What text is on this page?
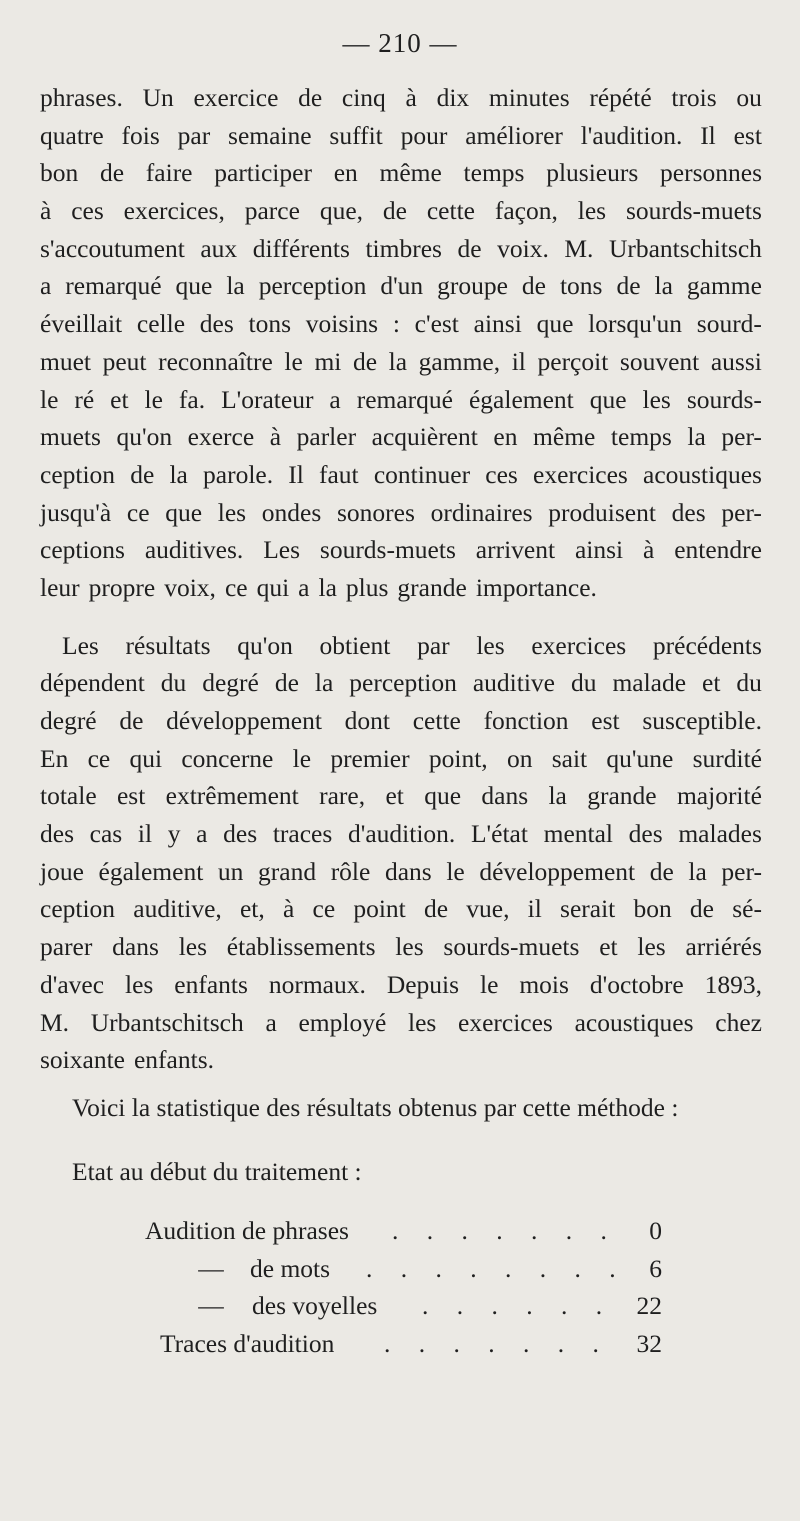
— 210 —
phrases. Un exercice de cinq à dix minutes répété trois ou
quatre fois par semaine suffit pour améliorer l'audition. Il est
bon de faire participer en même temps plusieurs personnes
à ces exercices, parce que, de cette façon, les sourds-muets
s'accoutument aux différents timbres de voix. M. Urbantschitsch
a remarqué que la perception d'un groupe de tons de la gamme
éveillait celle des tons voisins : c'est ainsi que lorsqu'un sourd-
muet peut reconnaître le mi de la gamme, il perçoit souvent aussi
le ré et le fa. L'orateur a remarqué également que les sourds-
muets qu'on exerce à parler acquièrent en même temps la per-
ception de la parole. Il faut continuer ces exercices acoustiques
jusqu'à ce que les ondes sonores ordinaires produisent des per-
ceptions auditives. Les sourds-muets arrivent ainsi à entendre
leur propre voix, ce qui a la plus grande importance.
Les résultats qu'on obtient par les exercices précédents
dépendent du degré de la perception auditive du malade et du
degré de développement dont cette fonction est susceptible.
En ce qui concerne le premier point, on sait qu'une surdité
totale est extrêmement rare, et que dans la grande majorité
des cas il y a des traces d'audition. L'état mental des malades
joue également un grand rôle dans le développement de la per-
ception auditive, et, à ce point de vue, il serait bon de sé-
parer dans les établissements les sourds-muets et les arriérés
d'avec les enfants normaux. Depuis le mois d'octobre 1893,
M. Urbantschitsch a employé les exercices acoustiques chez
soixante enfants.
Voici la statistique des résultats obtenus par cette méthode :
Etat au début du traitement :
Audition de phrases . . . . . . . 0
—	de mots . . . . . . . . 6
—	des voyelles . . . . . . 22
Traces d'audition . . . . . . . 32
